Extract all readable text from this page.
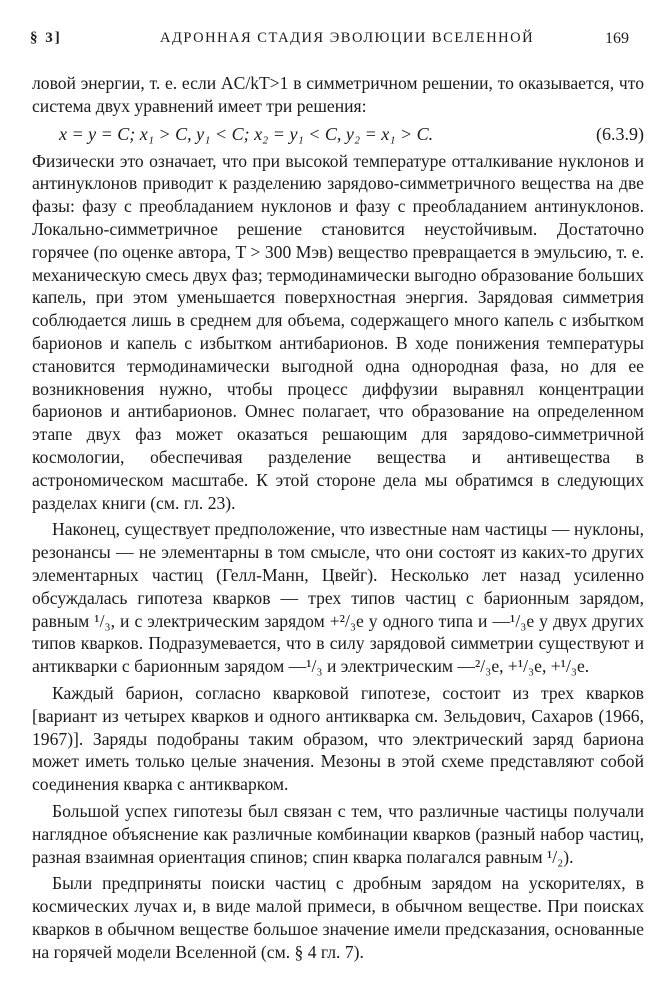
§ 3]	АДРОННАЯ СТАДИЯ ЭВОЛЮЦИИ ВСЕЛЕННОЙ	169

ловой энергии, т. е. если AC/kT>1 в симметричном решении, то оказывается, что система двух уравнений имеет три решения:

x = y = C; x₁ > C, y₁ < C; x₂ = y₁ < C, y₂ = x₁ > C.	(6.3.9)

Физически это означает, что при высокой температуре отталкивание нуклонов и антинуклонов приводит к разделению зарядово-симметричного вещества на две фазы: фазу с преобладанием нуклонов и фазу с преобладанием антинуклонов. Локально-симметричное решение становится неустойчивым. Достаточно горячее (по оценке автора, T > 300 Мэв) вещество превращается в эмульсию, т. е. механическую смесь двух фаз; термодинамически выгодно образование больших капель, при этом уменьшается поверхностная энергия. Зарядовая симметрия соблюдается лишь в среднем для объема, содержащего много капель с избытком барионов и капель с избытком антибарионов. В ходе понижения температуры становится термодинамически выгодной одна однородная фаза, но для ее возникновения нужно, чтобы процесс диффузии выравнял концентрации барионов и антибарионов. Омнес полагает, что образование на определенном этапе двух фаз может оказаться решающим для зарядово-симметричной космологии, обеспечивая разделение вещества и антивещества в астрономическом масштабе. К этой стороне дела мы обратимся в следующих разделах книги (см. гл. 23).

Наконец, существует предположение, что известные нам частицы — нуклоны, резонансы — не элементарны в том смысле, что они состоят из каких-то других элементарных частиц (Гелл-Манн, Цвейг). Несколько лет назад усиленно обсуждалась гипотеза кварков — трех типов частиц с барионным зарядом, равным ¹/₃, и с электрическим зарядом +²/₃e у одного типа и —¹/₃e у двух других типов кварков. Подразумевается, что в силу зарядовой симметрии существуют и антикварки с барионным зарядом —¹/₃ и электрическим —²/₃e, +¹/₃e, +¹/₃e.

Каждый барион, согласно кварковой гипотезе, состоит из трех кварков [вариант из четырех кварков и одного антикварка см. Зельдович, Сахаров (1966, 1967)]. Заряды подобраны таким образом, что электрический заряд бариона может иметь только целые значения. Мезоны в этой схеме представляют собой соединения кварка с антикварком.

Большой успех гипотезы был связан с тем, что различные частицы получали наглядное объяснение как различные комбинации кварков (разный набор частиц, разная взаимная ориентация спинов; спин кварка полагался равным ¹/₂).

Были предприняты поиски частиц с дробным зарядом на ускорителях, в космических лучах и, в виде малой примеси, в обычном веществе. При поисках кварков в обычном веществе большое значение имели предсказания, основанные на горячей модели Вселенной (см. § 4 гл. 7).
